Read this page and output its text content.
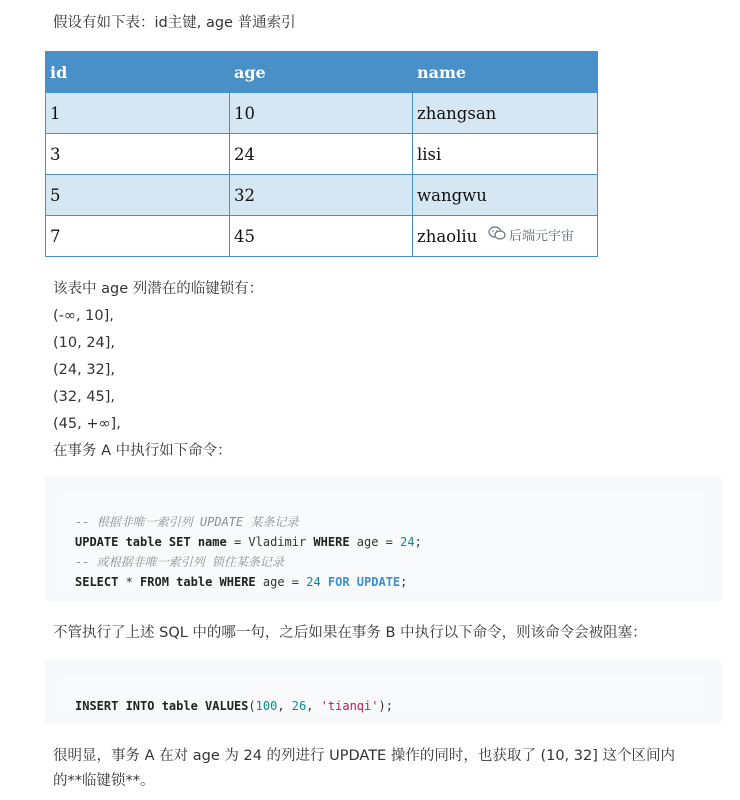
假设有如下表：id主键, age 普通索引
id	age	name
1	10	zhangsan
3	24	lisi
5	32	wangwu
7	45	zhaoliu 后端元宇宙
该表中 age 列潜在的临键锁有：
(-∞, 10],
(10, 24],
(24, 32],
(32, 45],
(45, +∞],
在事务 A 中执行如下命令：
-- 根据非唯一索引列 UPDATE 某条记录
UPDATE table SET name = Vladimir WHERE age = 24;
-- 或根据非唯一索引列 锁住某条记录
SELECT * FROM table WHERE age = 24 FOR UPDATE;
不管执行了上述 SQL 中的哪一句，之后如果在事务 B 中执行以下命令，则该命令会被阻塞：
INSERT INTO table VALUES(100, 26, 'tianqi');
很明显，事务 A 在对 age 为 24 的列进行 UPDATE 操作的同时，也获取了 (10, 32] 这个区间内
的**临键锁**。
